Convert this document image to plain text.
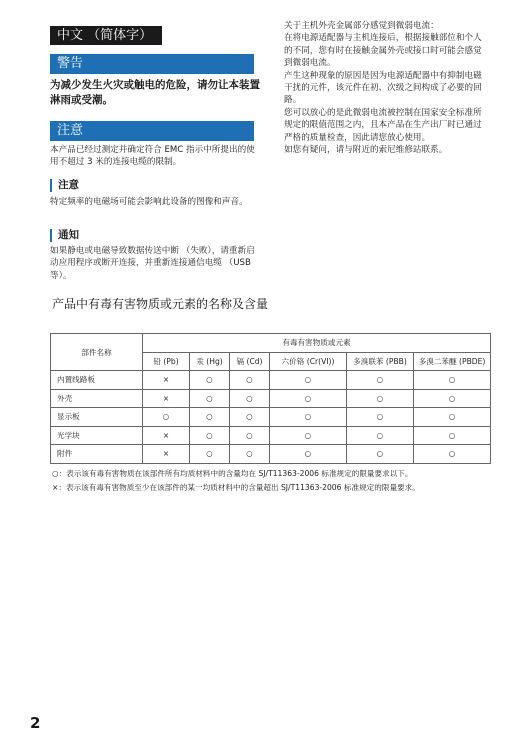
中文 （简体字）
警告
为减少发生火灾或触电的危险，请勿让本装置淋雨或受潮。
注意
本产品已经过测定并确定符合 EMC 指示中所提出的使用不超过 3 米的连接电缆的限制。
注意
特定频率的电磁场可能会影响此设备的图像和声音。
通知
如果静电或电磁导致数据传送中断 （失败），请重新启动应用程序或断开连接，并重新连接通信电缆 （USB 等）。
关于主机外壳金属部分感觉到微弱电流：
在将电源适配器与主机连接后，根据接触部位和个人的不同，您有时在接触金属外壳或接口时可能会感觉到微弱电流。
产生这种现象的原因是因为电源适配器中有抑制电磁干扰的元件，该元件在初、次级之间构成了必要的回路。
您可以放心的是此微弱电流被控制在国家安全标准所规定的限值范围之内，且本产品在生产出厂时已通过严格的质量检查，因此请您放心使用。
如您有疑问，请与附近的索尼维修站联系。
产品中有毒有害物质或元素的名称及含量
部件名称	有毒有害物质或元素					
	铅 (Pb)	汞 (Hg)	镉 (Cd)	六价铬 (Cr(VI))	多溴联苯 (PBB)	多溴二苯醚 (PBDE)
内置线路板	×	○	○	○	○	○
外壳	×	○	○	○	○	○
显示板	○	○	○	○	○	○
光学块	×	○	○	○	○	○
附件	×	○	○	○	○	○
○：表示该有毒有害物质在该部件所有均质材料中的含量均在 SJ/T11363-2006 标准规定的限量要求以下。
×：表示该有毒有害物质至少在该部件的某一均质材料中的含量超出 SJ/T11363-2006 标准规定的限量要求。
2
